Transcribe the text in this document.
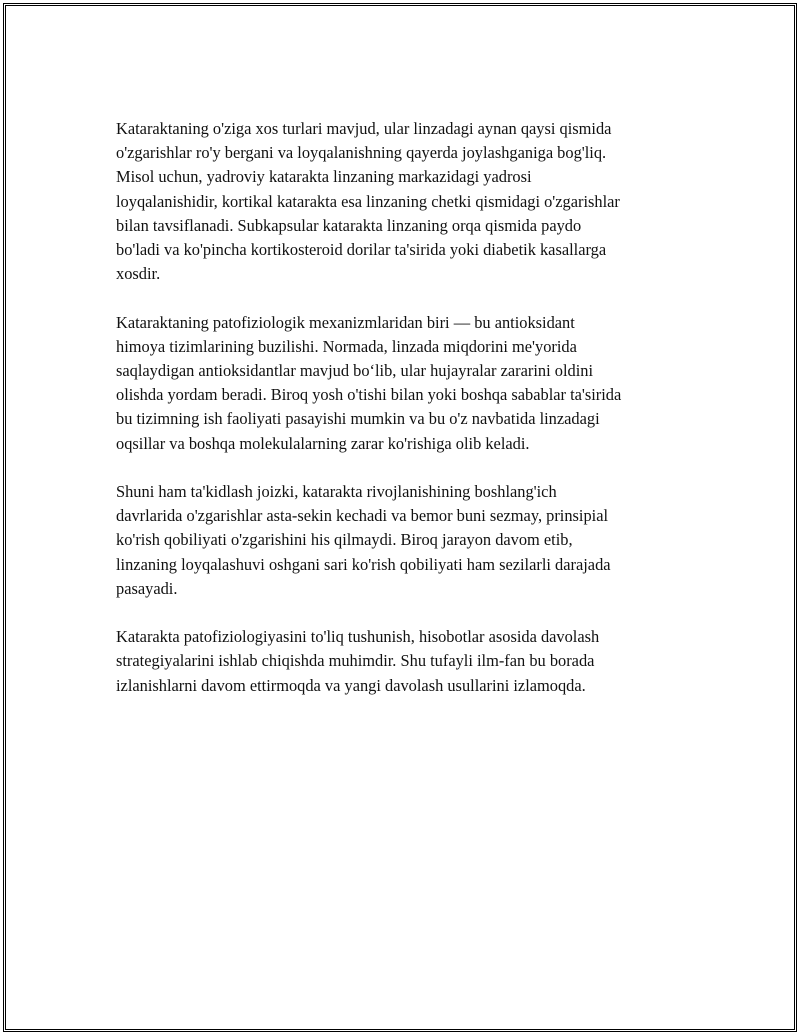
Kataraktaning o'ziga xos turlari mavjud, ular linzadagi aynan qaysi qismida
o'zgarishlar ro'y bergani va loyqalanishning qayerda joylashganiga bog'liq.
Misol uchun, yadroviy katarakta linzaning markazidagi yadrosi
loyqalanishidir, kortikal katarakta esa linzaning chetki qismidagi o'zgarishlar
bilan tavsiflanadi. Subkapsular katarakta linzaning orqa qismida paydo
bo'ladi va ko'pincha kortikosteroid dorilar ta'sirida yoki diabetik kasallarga
xosdir.

Kataraktaning patofiziologik mexanizmlaridan biri — bu antioksidant
himoya tizimlarining buzilishi. Normada, linzada miqdorini me'yorida
saqlaydigan antioksidantlar mavjud bo‘lib, ular hujayralar zararini oldini
olishda yordam beradi. Biroq yosh o'tishi bilan yoki boshqa sabablar ta'sirida
bu tizimning ish faoliyati pasayishi mumkin va bu o'z navbatida linzadagi
oqsillar va boshqa molekulalarning zarar ko'rishiga olib keladi.

Shuni ham ta'kidlash joizki, katarakta rivojlanishining boshlang'ich
davrlarida o'zgarishlar asta-sekin kechadi va bemor buni sezmay, prinsipial
ko'rish qobiliyati o'zgarishini his qilmaydi. Biroq jarayon davom etib,
linzaning loyqalashuvi oshgani sari ko'rish qobiliyati ham sezilarli darajada
pasayadi.

Katarakta patofiziologiyasini to'liq tushunish, hisobotlar asosida davolash
strategiyalarini ishlab chiqishda muhimdir. Shu tufayli ilm-fan bu borada
izlanishlarni davom ettirmoqda va yangi davolash usullarini izlamoqda.
